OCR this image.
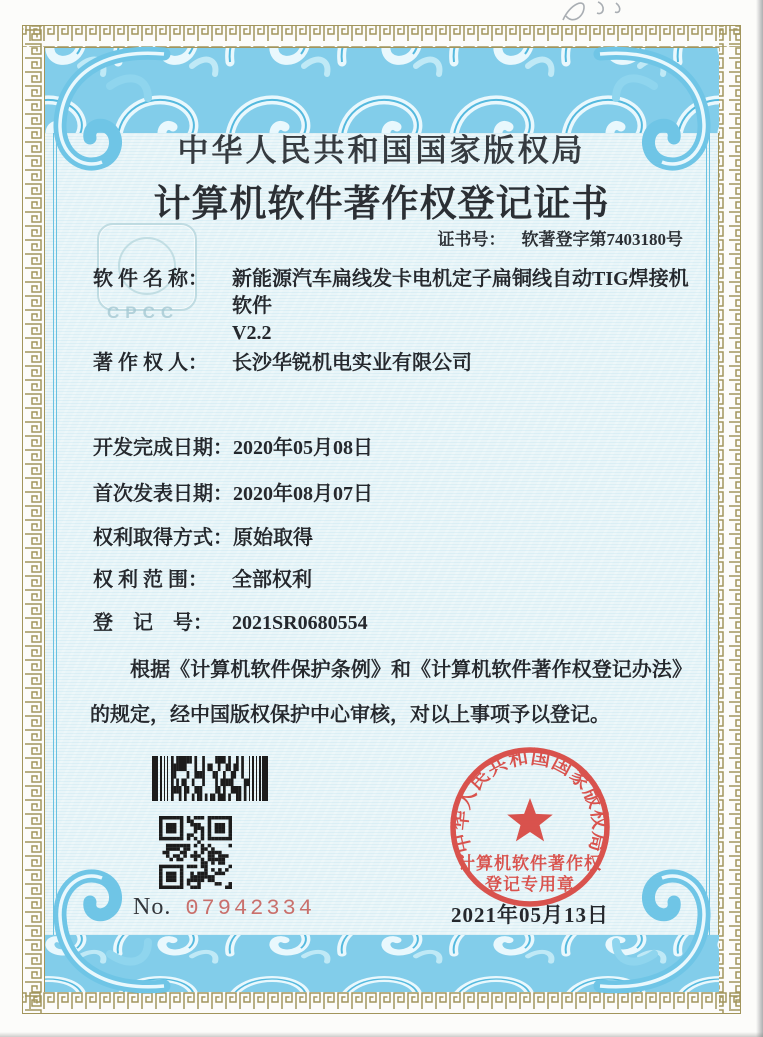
CPCC
中华人民共和国国家版权局
计算机软件著作权登记证书
证书号： 软著登字第7403180号
软 件 名 称：	新能源汽车扁线发卡电机定子扁铜线自动TIG焊接机软件
V2.2
著 作 权 人：	长沙华锐机电实业有限公司
开发完成日期： 2020年05月08日
首次发表日期： 2020年08月07日
权利取得方式： 原始取得
权 利 范 围：	全部权利
登　记　号： 2021SR0680554

根据《计算机软件保护条例》和《计算机软件著作权登记办法》的规定，经中国版权保护中心审核，对以上事项予以登记。

No. 07942334
中华人民共和国国家版权局
计算机软件著作权
登记专用章
2021年05月13日
